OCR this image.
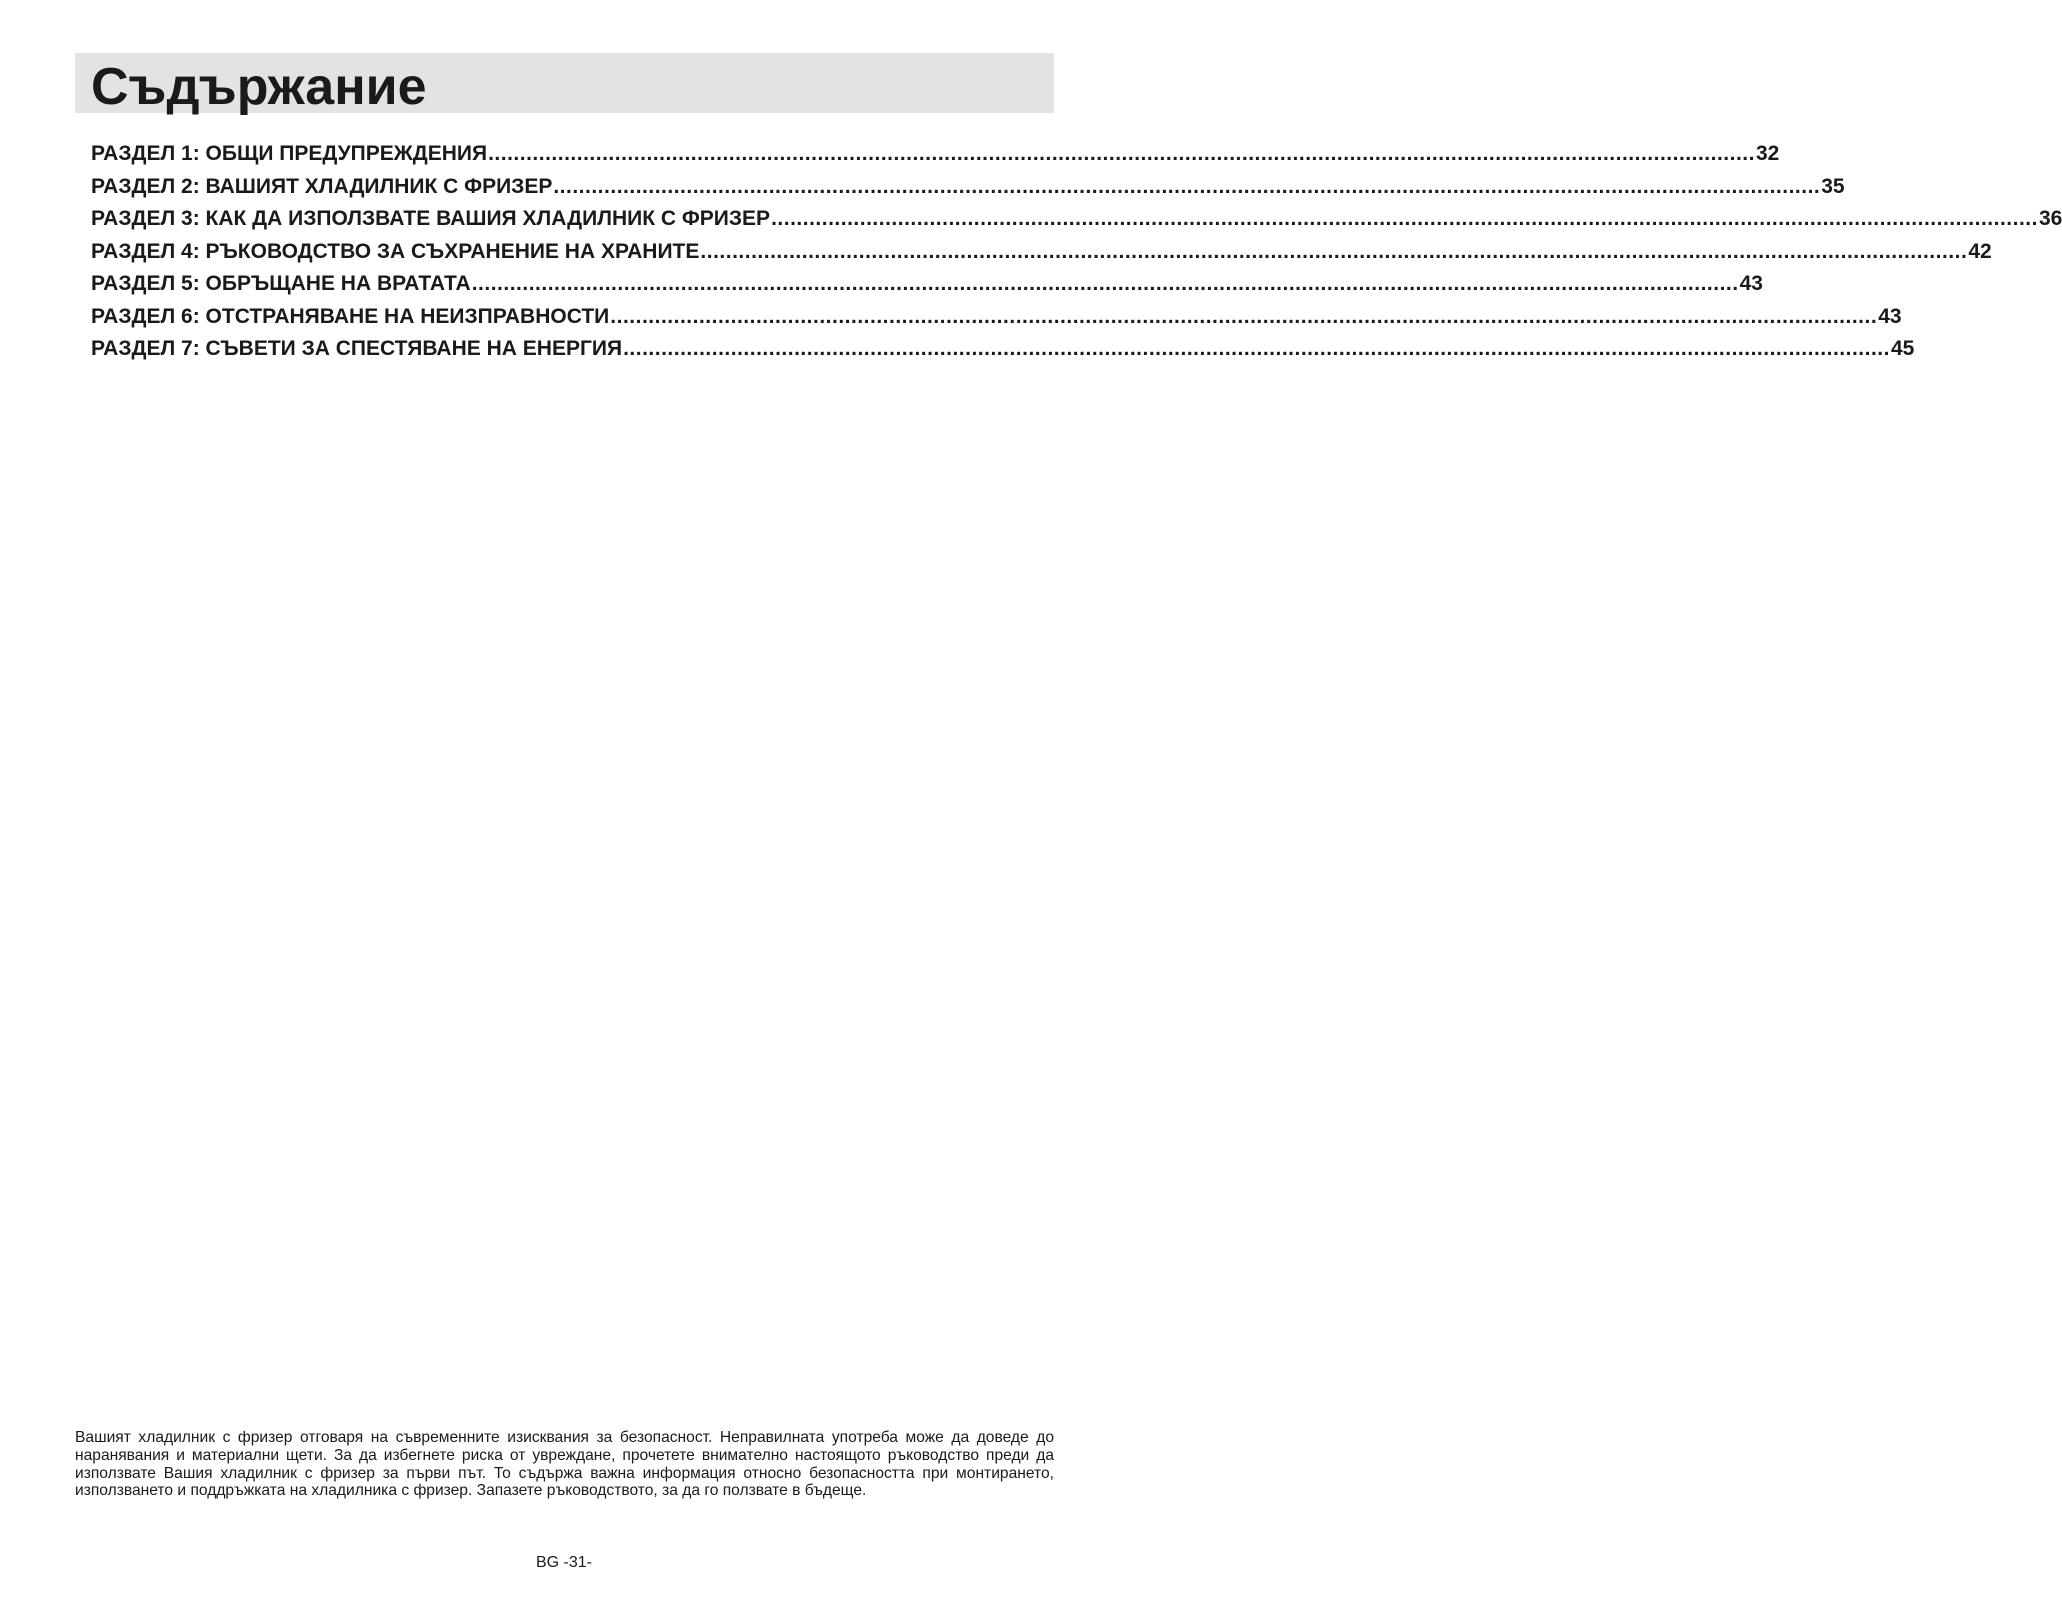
Съдържание
РАЗДЕЛ 1: ОБЩИ ПРЕДУПРЕЖДЕНИЯ ........................................................................................................................................................................................................ 32
РАЗДЕЛ 2: ВАШИЯТ ХЛАДИЛНИК С ФРИЗЕР ........................................................................................................................................................................................................ 35
РАЗДЕЛ 3: КАК ДА ИЗПОЛЗВАТЕ ВАШИЯ ХЛАДИЛНИК С ФРИЗЕР ........................................................................................................................................................................................................ 36
РАЗДЕЛ 4: РЪКОВОДСТВО ЗА СЪХРАНЕНИЕ НА ХРАНИТЕ ........................................................................................................................................................................................................ 42
РАЗДЕЛ 5: ОБРЪЩАНЕ НА ВРАТАТА ........................................................................................................................................................................................................ 43
РАЗДЕЛ 6: ОТСТРАНЯВАНЕ НА НЕИЗПРАВНОСТИ ........................................................................................................................................................................................................ 43
РАЗДЕЛ 7: СЪВЕТИ ЗА СПЕСТЯВАНЕ НА ЕНЕРГИЯ ........................................................................................................................................................................................................ 45

Вашият хладилник с фризер отговаря на съвременните изисквания за безопасност. Неправилната употреба може да доведе до наранявания и материални щети. За да избегнете риска от увреждане, прочетете внимателно настоящото ръководство преди да използвате Вашия хладилник с фризер за първи път. То съдържа важна информация относно безопасността при монтирането, използването и поддръжката на хладилника с фризер. Запазете ръководството, за да го ползвате в бъдеще.

BG -31-
